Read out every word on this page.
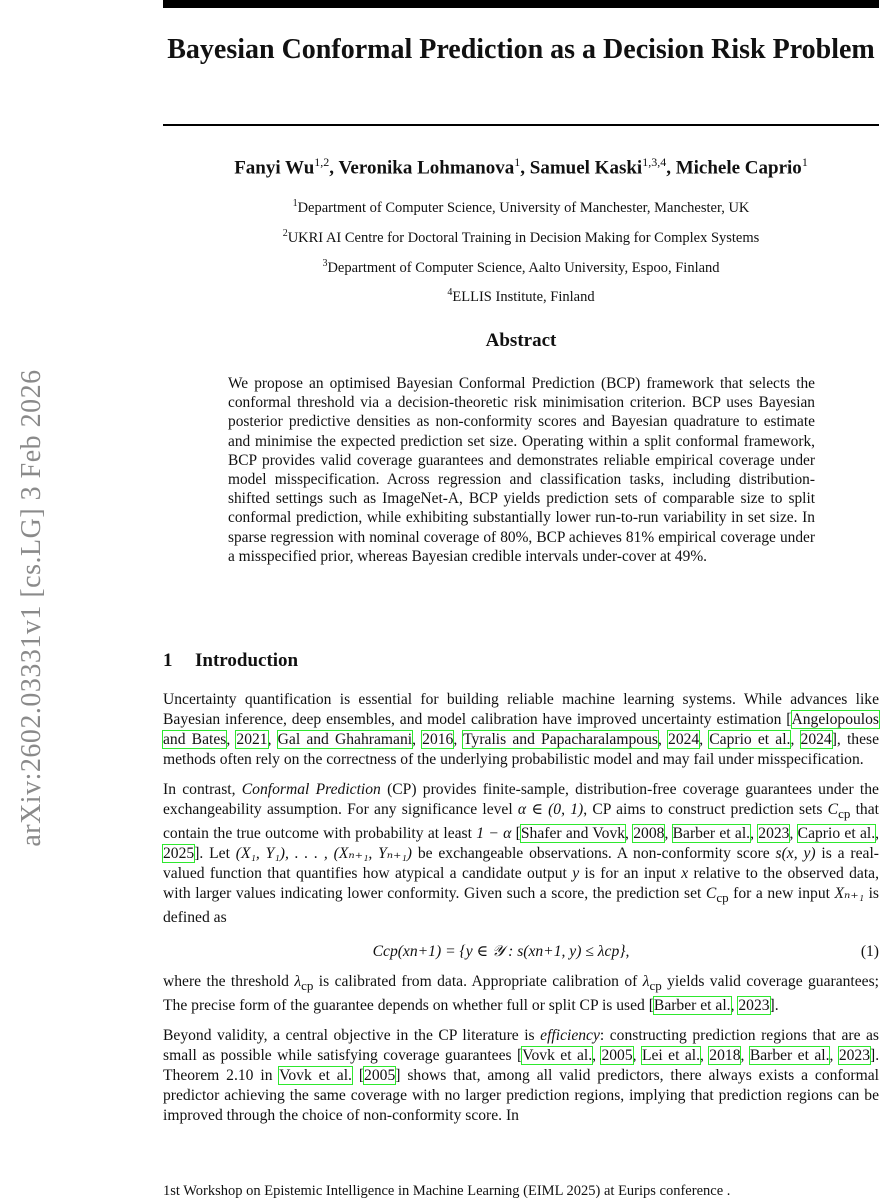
arXiv:2602.03331v1 [cs.LG] 3 Feb 2026
Bayesian Conformal Prediction as a Decision Risk Problem
Fanyi Wu$^{1,2}$, Veronika Lohmanova$^1$, Samuel Kaski$^{1,3,4}$, Michele Caprio$^1$
$^1$Department of Computer Science, University of Manchester, Manchester, UK
$^2$UKRI AI Centre for Doctoral Training in Decision Making for Complex Systems
$^3$Department of Computer Science, Aalto University, Espoo, Finland
$^4$ELLIS Institute, Finland
Abstract
We propose an optimised Bayesian Conformal Prediction (BCP) framework that selects the conformal threshold via a decision-theoretic risk minimisation criterion. BCP uses Bayesian posterior predictive densities as non-conformity scores and Bayesian quadrature to estimate and minimise the expected prediction set size. Operating within a split conformal framework, BCP provides valid coverage guarantees and demonstrates reliable empirical coverage under model misspecification. Across regression and classification tasks, including distribution-shifted settings such as ImageNet-A, BCP yields prediction sets of comparable size to split conformal prediction, while exhibiting substantially lower run-to-run variability in set size. In sparse regression with nominal coverage of 80%, BCP achieves 81% empirical coverage under a misspecified prior, whereas Bayesian credible intervals under-cover at 49%.
1 Introduction

Uncertainty quantification is essential for building reliable machine learning systems. While advances like Bayesian inference, deep ensembles, and model calibration have improved uncertainty estimation [Angelopoulos and Bates, 2021, Gal and Ghahramani, 2016, Tyralis and Papacharalampous, 2024, Caprio et al., 2024], these methods often rely on the correctness of the underlying probabilistic model and may fail under misspecification.

In contrast, Conformal Prediction (CP) provides finite-sample, distribution-free coverage guarantees under the exchangeability assumption. For any significance level α ∈ (0, 1), CP aims to construct prediction sets $C_{cp}$ that contain the true outcome with probability at least 1 − α [Shafer and Vovk, 2008, Barber et al., 2023, Caprio et al., 2025]. Let (X₁, Y₁), . . . , (Xₙ₊₁, Yₙ₊₁) be exchangeable observations. A non-conformity score s(x, y) is a real-valued function that quantifies how atypical a candidate output y is for an input x relative to the observed data, with larger values indicating lower conformity. Given such a score, the prediction set $C_{cp}$ for a new input Xₙ₊₁ is defined as

Ccp(xn+1) = {y ∈ 𝒴 : s(xn+1, y) ≤ λcp},	(1)

where the threshold $\lambda_{cp}$ is calibrated from data. Appropriate calibration of $\lambda_{cp}$ yields valid coverage guarantees; The precise form of the guarantee depends on whether full or split CP is used [Barber et al., 2023].

Beyond validity, a central objective in the CP literature is efficiency: constructing prediction regions that are as small as possible while satisfying coverage guarantees [Vovk et al., 2005, Lei et al., 2018, Barber et al., 2023]. Theorem 2.10 in Vovk et al. [2005] shows that, among all valid predictors, there always exists a conformal predictor achieving the same coverage with no larger prediction regions, implying that prediction regions can be improved through the choice of non-conformity score. In

1st Workshop on Epistemic Intelligence in Machine Learning (EIML 2025) at Eurips conference .
